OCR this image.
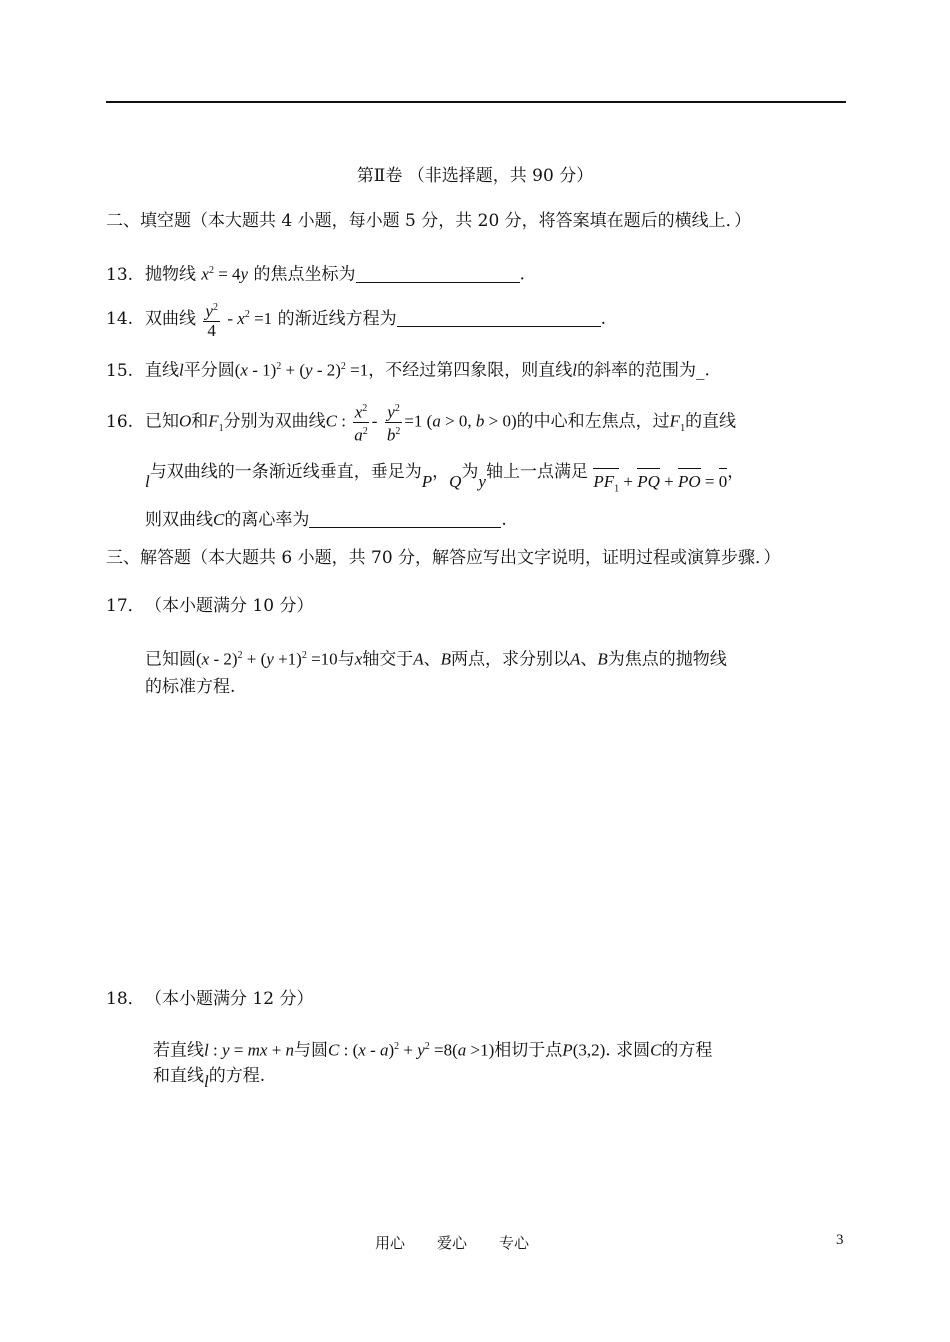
第Ⅱ卷 （非选择题，共 90 分）
二、填空题（本大题共 4 小题，每小题 5 分，共 20 分，将答案填在题后的横线上．）
13. 抛物线 $x^2 = 4y$ 的焦点坐标为	.
14. 双曲线 $\frac{y^2}{4} - x^2 =1$ 的渐近线方程为	.
15. 直线l平分圆(x - 1)$^2$ + (y - 2)$^2$ =1，不经过第四象限，则直线l的斜率的范围为_.
16. 已知O和$F_1$分别为双曲线C : $\frac{x^2}{a^2} - \frac{y^2}{b^2} =1$ (a > 0, b > 0)的中心和左焦点，过$F_1$的直线
l与双曲线的一条渐近线垂直，垂足为P，Q为y轴上一点满足 $PF_1$ + PQ + PO = 0，
则双曲线C的离心率为	.
三、解答题（本大题共 6 小题，共 70 分，解答应写出文字说明，证明过程或演算步骤．）
17．（本小题满分 10 分）
已知圆$(x - 2)^2 + (y +1)^2 =10$与x轴交于A、B两点，求分别以A、B为焦点的抛物线
的标准方程.
18．（本小题满分 12 分）
若直线l : y = mx + n与圆C : $(x - a)^2 + y^2 =8(a >1)$相切于点P(3,2). 求圆C的方程
和直线l的方程.
用心 爱心 专心	3
